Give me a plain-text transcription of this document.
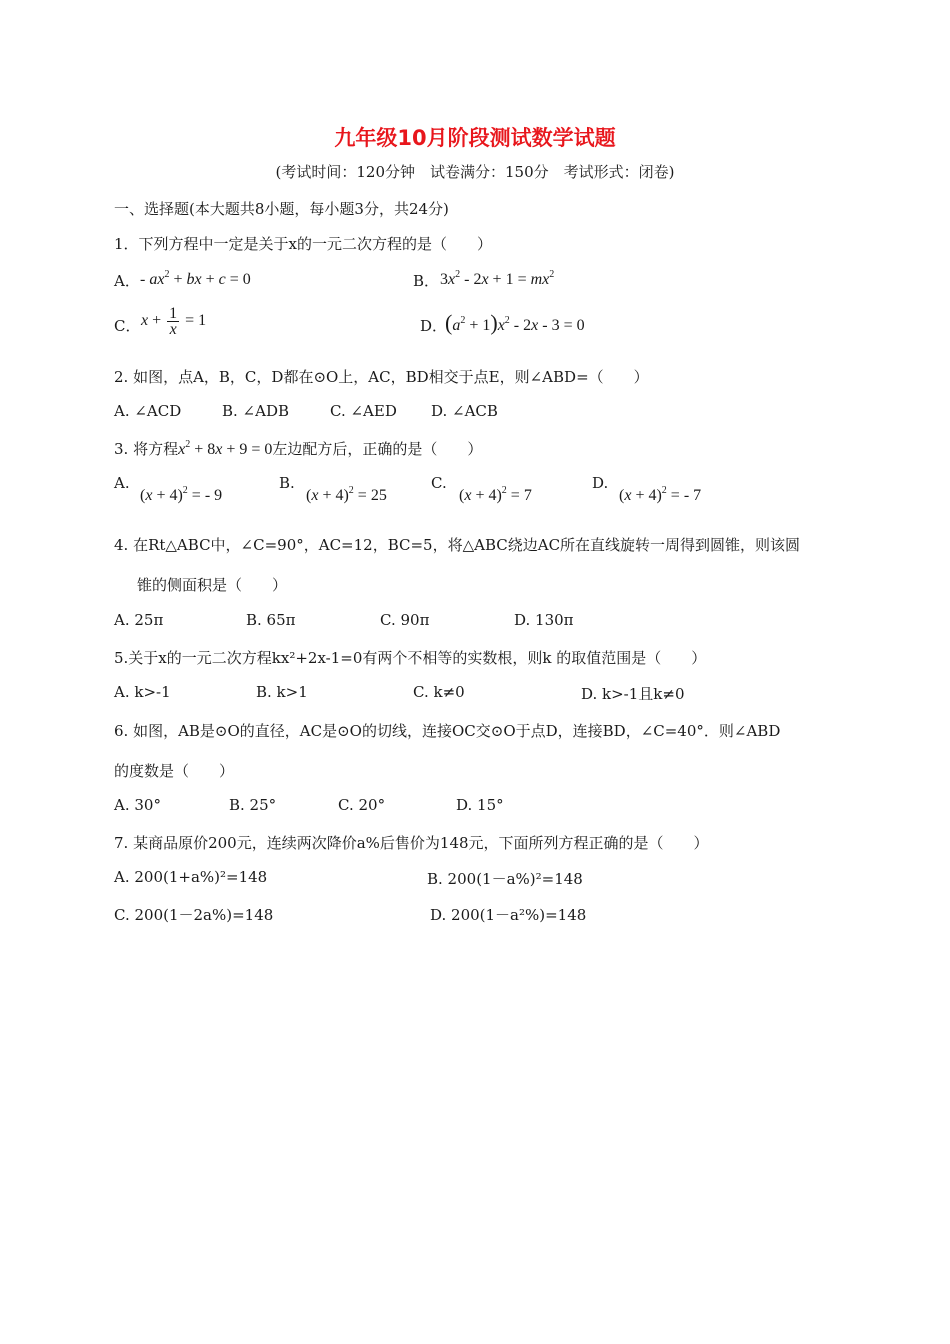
九年级10月阶段测试数学试题
(考试时间：120分钟　试卷满分：150分　考试形式：闭卷)
一、选择题(本大题共8小题，每小题3分，共24分)
1．下列方程中一定是关于x的一元二次方程的是（　　）
A． - $ax^2$ + bx + c = 0	B． $3x^2 - 2x + 1 = mx^2$
C． $x + \frac{1}{x} = 1$	D．
$(a^2 + 1)x^2 - 2x - 3 = 0$
2. 如图，点A，B，C，D都在⊙O上，AC，BD相交于点E，则∠ABD=（　　）
A. ∠ACD	B. ∠ADB	C. ∠AED D. ∠ACB
3. 将方程$x^2 + 8x + 9 = 0$左边配方后，正确的是（　　）
A.
$(x + 4)^2$ = - 9
B.
$(x + 4)^2 = 25$
C.
$(x + 4)^2 = 7$
D.
$(x + 4)^2$ = - 7
4. 在Rt△ABC中，∠C=90°，AC=12，BC=5，将△ABC绕边AC所在直线旋转一周得到圆锥，则该圆
锥的侧面积是（　　）
A. 25π	B. 65π	C. 90π	D. 130π
5.关于x的一元二次方程kx²+2x-1=0有两个不相等的实数根，则k 的取值范围是（　　）
A. k>-1	B. k>1	C. k≠0	D. k>-1且k≠0
6. 如图，AB是⊙O的直径，AC是⊙O的切线，连接OC交⊙O于点D，连接BD，∠C=40°．则∠ABD
的度数是（　　）
A. 30°	B. 25°	C. 20°	D. 15°
7. 某商品原价200元，连续两次降价a%后售价为148元，下面所列方程正确的是（　　）
A. 200(1+a%)²=148	B. 200(1－a%)²=148
C. 200(1－2a%)=148	D. 200(1－a²%)=148
